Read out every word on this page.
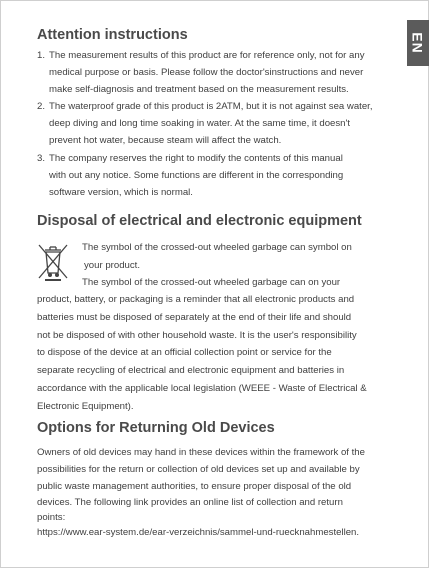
EN
Attention instructions
1. The measurement results of this product are for reference only, not for any
medical purpose or basis. Please follow the doctor'sinstructions and never
make self-diagnosis and treatment based on the measurement results.
2. The waterproof grade of this product is 2ATM, but it is not against sea water,
deep diving and long time soaking in water. At the same time, it doesn't
prevent hot water, because steam will affect the watch.
3. The company reserves the right to modify the contents of this manual
with out any notice. Some functions are different in the corresponding
software version, which is normal.
Disposal of electrical and electronic equipment
The symbol of the crossed-out wheeled garbage can symbol on
your product.
The symbol of the crossed-out wheeled garbage can on your
product, battery, or packaging is a reminder that all electronic products and
batteries must be disposed of separately at the end of their life and should
not be disposed of with other household waste. It is the user's responsibility
to dispose of the device at an official collection point or service for the
separate recycling of electrical and electronic equipment and batteries in
accordance with the applicable local legislation (WEEE - Waste of Electrical &
Electronic Equipment).
Options for Returning Old Devices
Owners of old devices may hand in these devices within the framework of the
possibilities for the return or collection of old devices set up and available by
public waste management authorities, to ensure proper disposal of the old
devices. The following link provides an online list of collection and return
points:
https://www.ear-system.de/ear-verzeichnis/sammel-und-ruecknahmestellen.
